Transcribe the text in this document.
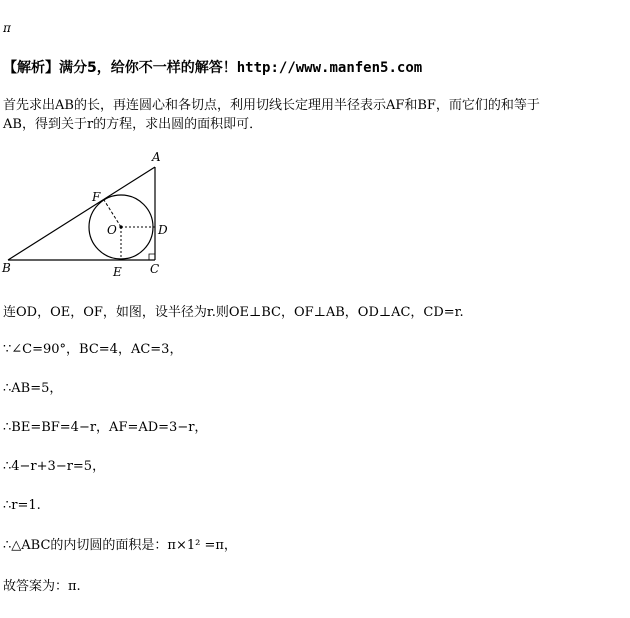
π
【解析】满分5，给你不一样的解答！http://www.manfen5.com
首先求出AB的长，再连圆心和各切点，利用切线长定理用半径表示AF和BF，而它们的和等于
AB，得到关于r的方程，求出圆的面积即可．
A
B	C
D
E
F
O
连OD，OE，OF，如图，设半径为r.则OE⊥BC，OF⊥AB，OD⊥AC，CD=r.
∵∠C=90°，BC=4，AC=3，
∴AB=5，
∴BE=BF=4−r，AF=AD=3−r，
∴4−r+3−r=5，
∴r=1.
∴△ABC的内切圆的面积是：π×1² =π，
故答案为：π.
